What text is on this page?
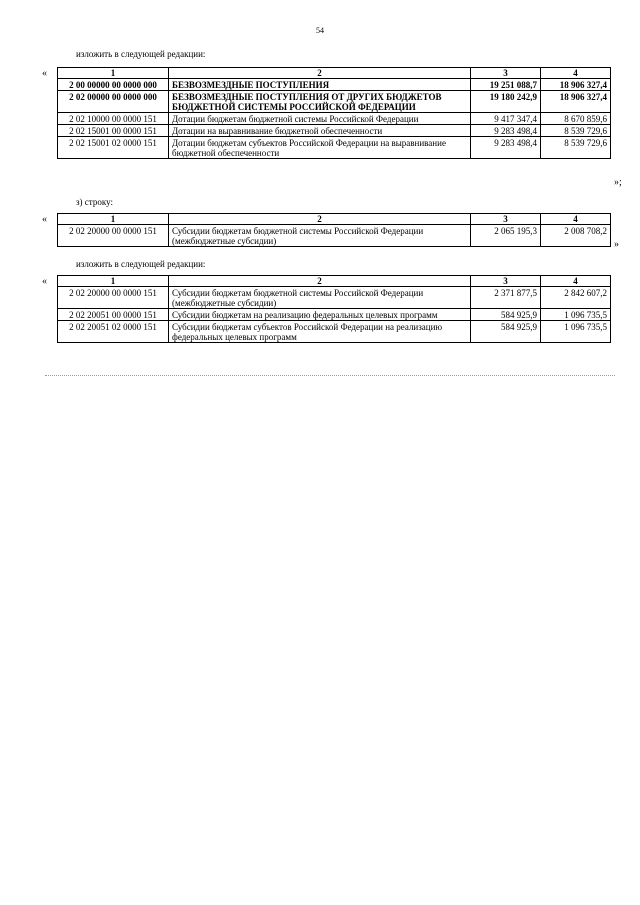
54
изложить в следующей редакции:
«	1	2	3	4
2 00 00000 00 0000 000	БЕЗВОЗМЕЗДНЫЕ ПОСТУПЛЕНИЯ	19 251 088,7	18 906 327,4
2 02 00000 00 0000 000	БЕЗВОЗМЕЗДНЫЕ ПОСТУПЛЕНИЯ ОТ ДРУГИХ БЮДЖЕТОВ БЮДЖЕТНОЙ СИСТЕМЫ РОССИЙСКОЙ ФЕДЕРАЦИИ	19 180 242,9	18 906 327,4
2 02 10000 00 0000 151	Дотации бюджетам бюджетной системы Российской Федерации	9 417 347,4	8 670 859,6
2 02 15001 00 0000 151	Дотации на выравнивание бюджетной обеспеченности	9 283 498,4	8 539 729,6
2 02 15001 02 0000 151	Дотации бюджетам субъектов Российской Федерации на выравнивание бюджетной обеспеченности	9 283 498,4	8 539 729,6
»;
з) строку:
«	1	2	3	4
2 02 20000 00 0000 151	Субсидии бюджетам бюджетной системы Российской Федерации (межбюджетные субсидии)	2 065 195,3	2 008 708,2
»
изложить в следующей редакции:
«	1	2	3	4
2 02 20000 00 0000 151	Субсидии бюджетам бюджетной системы Российской Федерации (межбюджетные субсидии)	2 371 877,5	2 842 607,2
2 02 20051 00 0000 151	Субсидии бюджетам на реализацию федеральных целевых программ	584 925,9	1 096 735,5
2 02 20051 02 0000 151	Субсидии бюджетам субъектов Российской Федерации на реализацию федеральных целевых программ	584 925,9	1 096 735,5
